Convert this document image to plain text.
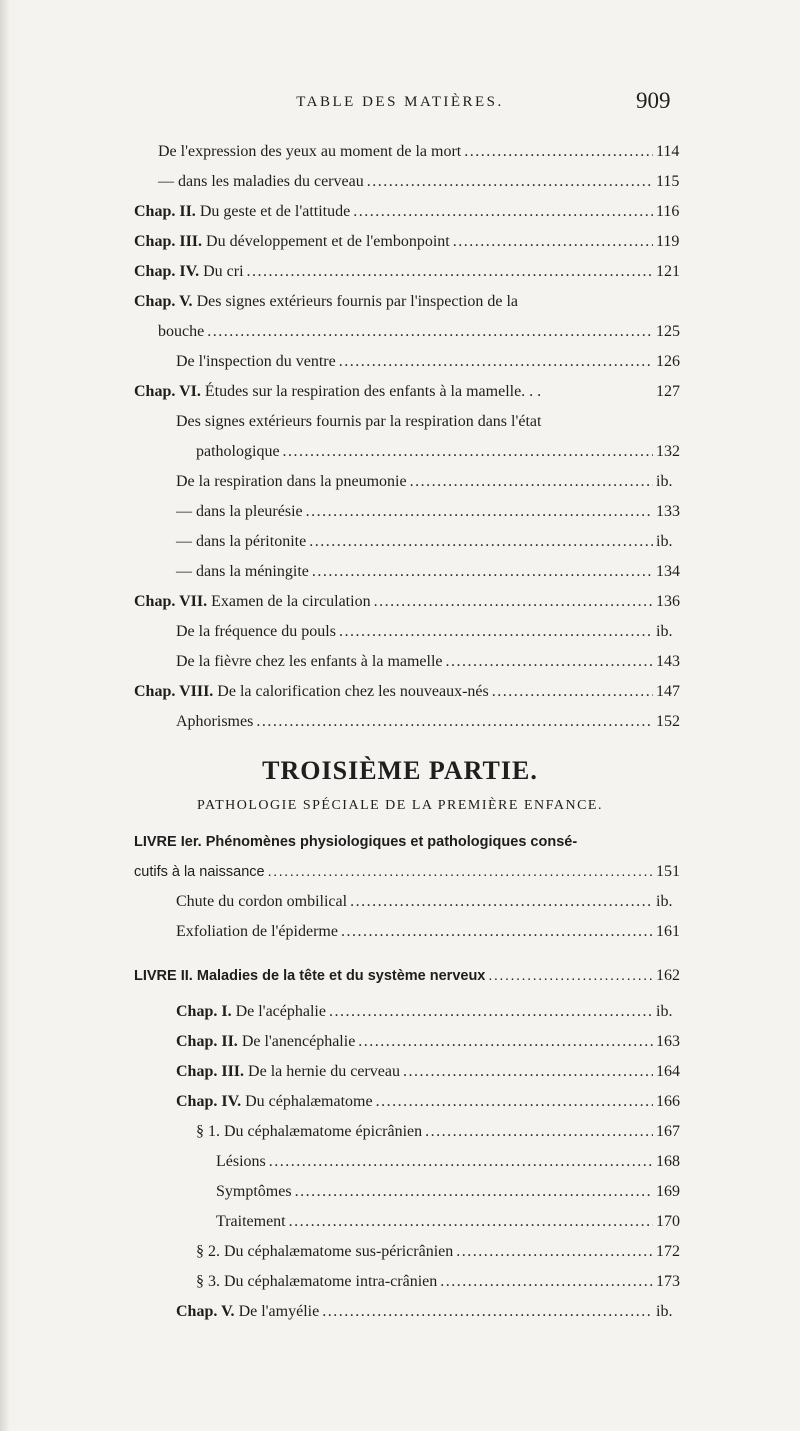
TABLE DES MATIÈRES.	909
De l'expression des yeux au moment de la mort .....	114
— dans les maladies du cerveau .....	115
Chap. II. Du geste et de l'attitude .....	116
Chap. III. Du développement et de l'embonpoint .....	119
Chap. IV. Du cri .....	121
Chap. V. Des signes extérieurs fournis par l'inspection de la
bouche .....	125
De l'inspection du ventre .....	126
Chap. VI. Études sur la respiration des enfants à la mamelle. . .	127
Des signes extérieurs fournis par la respiration dans l'état
pathologique .....	132
De la respiration dans la pneumonie .....	ib.
— dans la pleurésie .....	133
— dans la péritonite .....	ib.
— dans la méningite .....	134
Chap. VII. Examen de la circulation .....	136
De la fréquence du pouls .....	ib.
De la fièvre chez les enfants à la mamelle .....	143
Chap. VIII. De la calorification chez les nouveaux-nés .....	147
Aphorismes .....	152
TROISIÈME PARTIE.
PATHOLOGIE SPÉCIALE DE LA PREMIÈRE ENFANCE.
LIVRE Ier. Phénomènes physiologiques et pathologiques consé-
cutifs à la naissance .....	151
Chute du cordon ombilical .....	ib.
Exfoliation de l'épiderme .....	161
LIVRE II. Maladies de la tête et du système nerveux .....	162
Chap. I. De l'acéphalie .....	ib.
Chap. II. De l'anencéphalie .....	163
Chap. III. De la hernie du cerveau .....	164
Chap. IV. Du céphalæmatome .....	166
§ 1. Du céphalæmatome épicrânien .....	167
Lésions .....	168
Symptômes .....	169
Traitement .....	170
§ 2. Du céphalæmatome sus-péricrânien .....	172
§ 3. Du céphalæmatome intra-crânien .....	173
Chap. V. De l'amyélie .....	ib.
